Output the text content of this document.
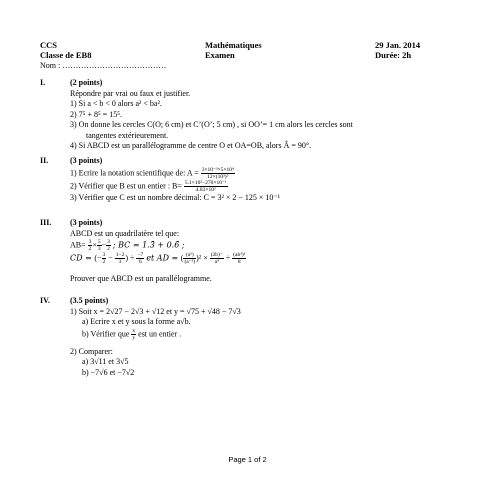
CCS	Mathématiques	29 Jan. 2014
Classe de EB8	Examen	Durée: 2h
Nom : …………………………………
I.	(2 points)
Répondre par vrai ou faux et justifier.
1) Si a < b < 0 alors a² < ba².
2) 7⁵ + 8⁵ = 15⁵.
3) On donne les cercles C(O; 6 cm) et C’(O’; 5 cm) , si OO’= 1 cm alors les cercles sont
tangentes extérieurement.
4) Si ABCD est un parallélogramme de centre O et OA=OB, alors Â = 90°.
II.	(3 points)
1) Ecrire la notation scientifique de: $A = \frac{\text{3×10⁻³×5×10⁴}}{\text{12×(10³)⁵}}$
2) Vérifier que B est un entier : $B= \frac{\text{5.1×10²−270×10⁻¹}}{\text{4.83×10²}}$
3) Vérifier que C est un nombre décimal: C = 3² × 2 − 125 × 10⁻¹
III. (3 points)
ABCD est un quadrilatère tel que:
$AB= \frac{3}{2} \times \frac{5}{3} - \frac{3}{2}$ ; BC = 1.3̄ + 0.6̄ ;
CD = (− $\frac{3}{2} - \frac{1-2}{3}$ ) ÷ $\frac{-7}{6}$ et AD = ( $\frac{\text{(a²)}}{\text{(a⁻²)}} )^2 \times \frac{(2b)^-}{\text{a⁴}} \div \frac{\text{(ab³)²}}{8}$
Prouver que ABCD est un parallélogramme.
IV.	(3.5 points)
1) Soit x = 2√27 − 2√3 + √12 et y = √75 + √48 − 7√3
a) Ecrire x et y sous la forme a√b.
b) Vérifier que $\frac{x}{y}$ est un entier .
2) Comparer:
a) 3√11 et 3√5
b) −7√6 et −7√2
Page 1 of 2
